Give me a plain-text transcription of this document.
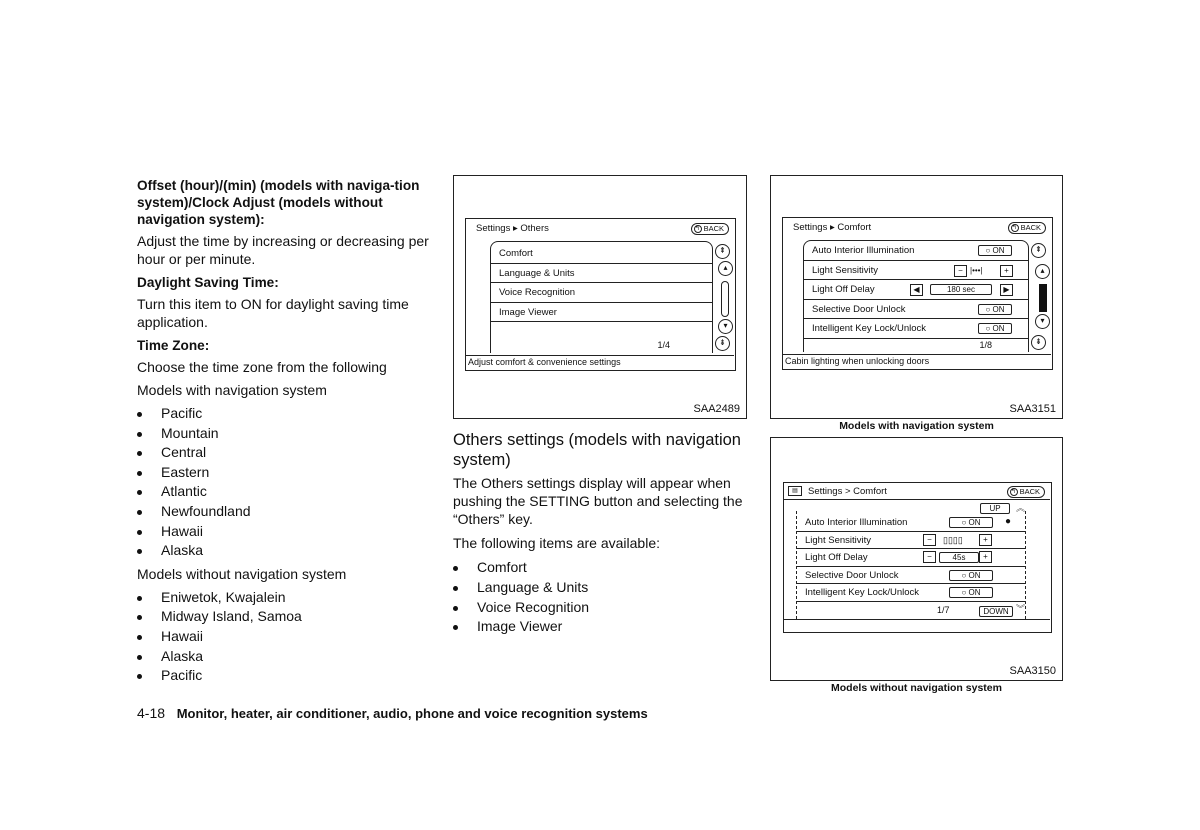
Offset (hour)/(min) (models with naviga-tion system)/Clock Adjust (models without navigation system):

Adjust the time by increasing or decreasing per hour or per minute.

Daylight Saving Time:

Turn this item to ON for daylight saving time application.

Time Zone:
Choose the time zone from the following
Models with navigation system
Pacific
Mountain
Central
Eastern
Atlantic
Newfoundland
Hawaii
Alaska
Models without navigation system
Eniwetok, Kwajalein
Midway Island, Samoa
Hawaii
Alaska
Pacific
Settings ▸ Others	↰ BACK
Comfort
Language & Units
Voice Recognition
Image Viewer
1/4
⇞
▴
▾
⇟
Adjust comfort & convenience settings
SAA2489
Settings ▸ Comfort	↰ BACK
Auto Interior Illumination	○ ON
Light Sensitivity	− |•••|	+
Light Off Delay	◀	180 sec	▶
Selective Door Unlock	○ ON
Intelligent Key Lock/Unlock	○ ON
1/8
⇞
▴
▾
⇟
Cabin lighting when unlocking doors
SAA3151
Models with navigation system
▤	Settings > Comfort	↰ BACK
UP	︽
Auto Interior Illumination	○ ON	●
Light Sensitivity	−	▯▯▯▯	+
Light Off Delay	−	45s	+
Selective Door Unlock	○ ON
Intelligent Key Lock/Unlock	○ ON
1/7	DOWN ︾
SAA3150
Models without navigation system
Others settings (models with navigation system)

The Others settings display will appear when pushing the SETTING button and selecting the “Others” key.

The following items are available:

Comfort
Language & Units
Voice Recognition
Image Viewer
4-18 Monitor, heater, air conditioner, audio, phone and voice recognition systems
